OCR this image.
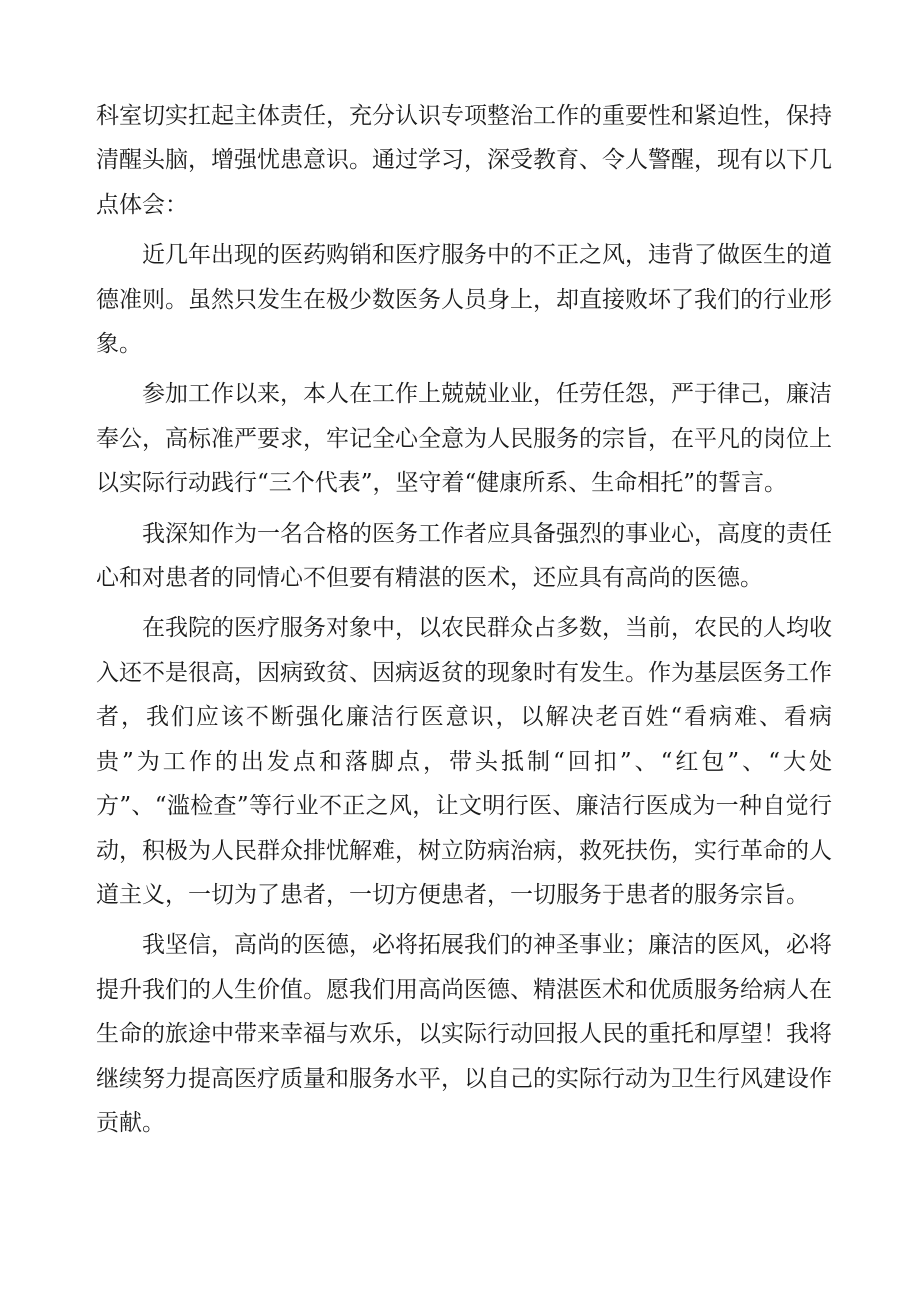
科室切实扛起主体责任，充分认识专项整治工作的重要性和紧迫性，保持清醒头脑，增强忧患意识。通过学习，深受教育、令人警醒，现有以下几点体会：

近几年出现的医药购销和医疗服务中的不正之风，违背了做医生的道德准则。虽然只发生在极少数医务人员身上，却直接败坏了我们的行业形象。

参加工作以来，本人在工作上兢兢业业，任劳任怨，严于律己，廉洁奉公，高标准严要求，牢记全心全意为人民服务的宗旨，在平凡的岗位上以实际行动践行“三个代表”，坚守着“健康所系、生命相托”的誓言。

我深知作为一名合格的医务工作者应具备强烈的事业心，高度的责任心和对患者的同情心不但要有精湛的医术，还应具有高尚的医德。

在我院的医疗服务对象中，以农民群众占多数，当前，农民的人均收入还不是很高，因病致贫、因病返贫的现象时有发生。作为基层医务工作者，我们应该不断强化廉洁行医意识，以解决老百姓“看病难、看病贵”为工作的出发点和落脚点，带头抵制“回扣”、“红包”、“大处方”、“滥检查”等行业不正之风，让文明行医、廉洁行医成为一种自觉行动，积极为人民群众排忧解难，树立防病治病，救死扶伤，实行革命的人道主义，一切为了患者，一切方便患者，一切服务于患者的服务宗旨。

我坚信，高尚的医德，必将拓展我们的神圣事业；廉洁的医风，必将提升我们的人生价值。愿我们用高尚医德、精湛医术和优质服务给病人在生命的旅途中带来幸福与欢乐，以实际行动回报人民的重托和厚望！我将继续努力提高医疗质量和服务水平，以自己的实际行动为卫生行风建设作贡献。
